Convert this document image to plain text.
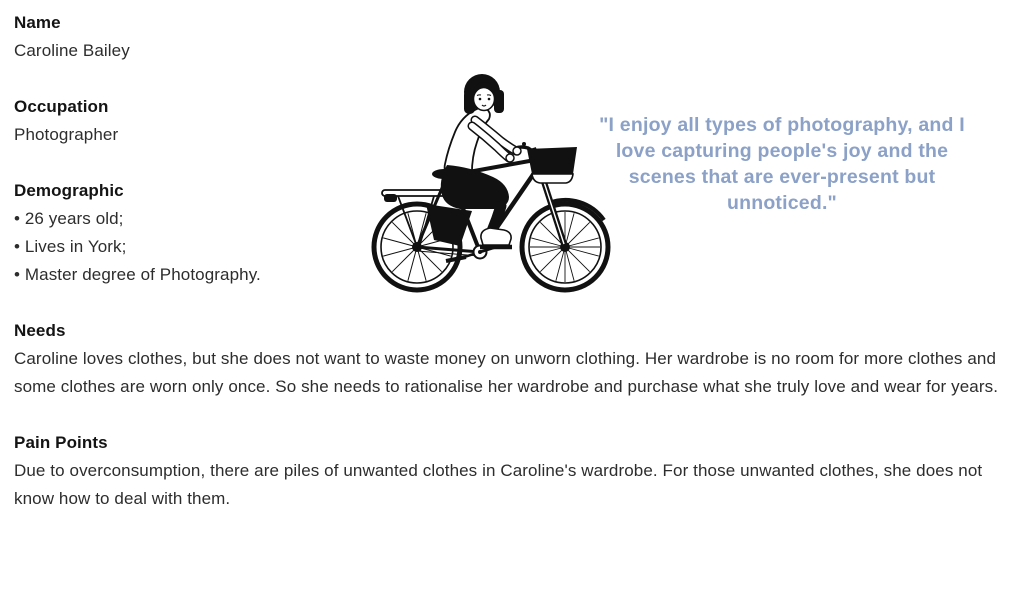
Name

Caroline Bailey

Occupation

Photographer

Demographic

• 26 years old;

• Lives in York;

• Master degree of Photography.

Needs

Caroline loves clothes, but she does not want to waste money on unworn clothing. Her wardrobe is no room for more clothes and some clothes are worn only once. So she needs to rationalise her wardrobe and purchase what she truly love and wear for years.

Pain Points

Due to overconsumption, there are piles of unwanted clothes in Caroline's wardrobe. For those unwanted clothes, she does not know how to deal with them.

"I enjoy all types of photography, and I
love capturing people's joy and the
scenes that are ever-present but
unnoticed."
